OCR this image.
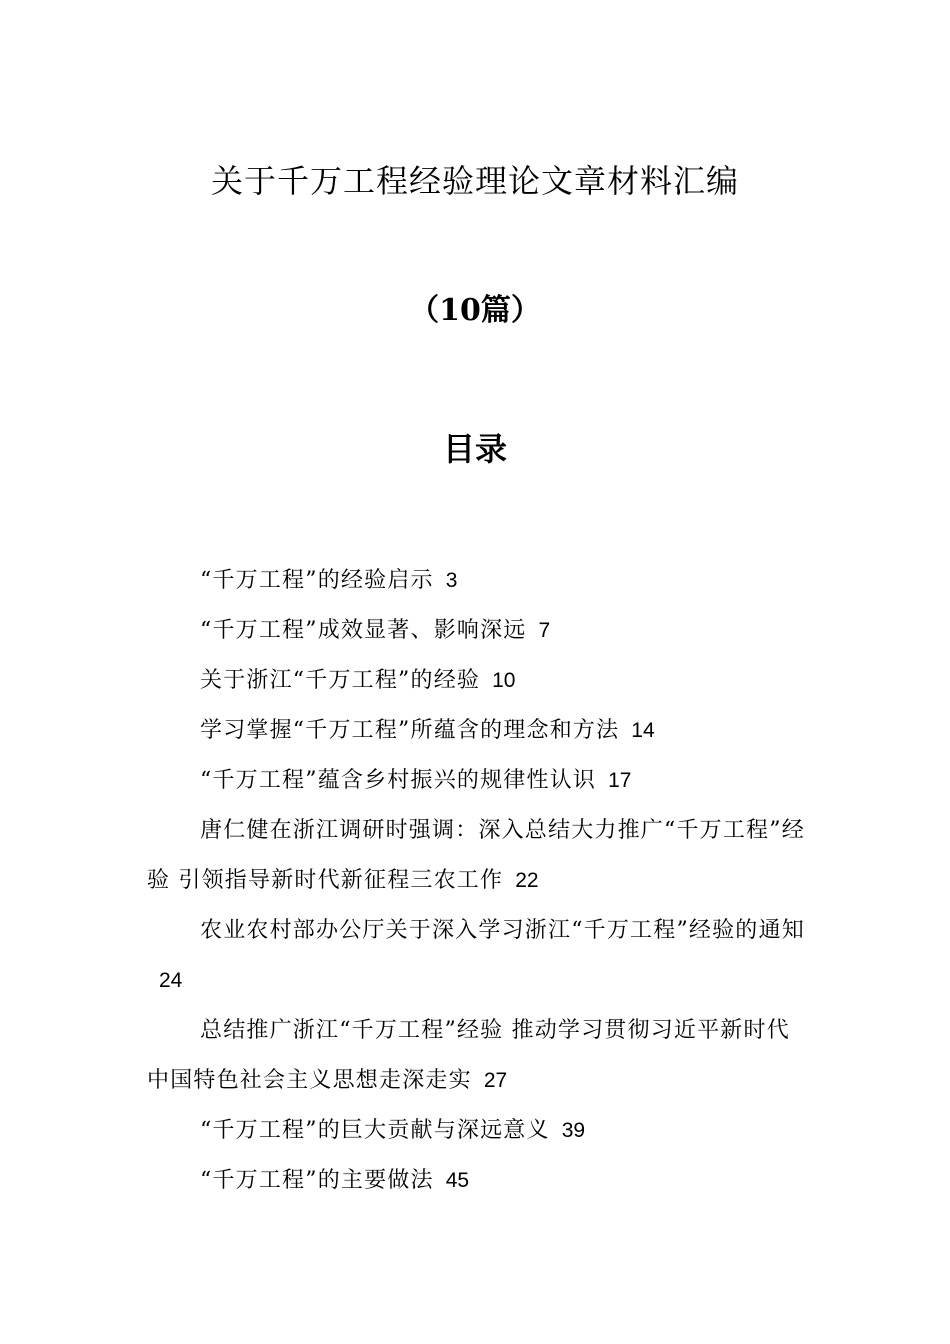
关于千万工程经验理论文章材料汇编
（10篇）
目录
“千万工程”的经验启示 3
“千万工程”成效显著、影响深远 7
关于浙江“千万工程”的经验 10
学习掌握“千万工程”所蕴含的理念和方法 14
“千万工程”蕴含乡村振兴的规律性认识 17
唐仁健在浙江调研时强调：深入总结大力推广“千万工程”经验 引领指导新时代新征程三农工作 22
农业农村部办公厅关于深入学习浙江“千万工程”经验的通知24
总结推广浙江“千万工程”经验 推动学习贯彻习近平新时代中国特色社会主义思想走深走实 27
“千万工程”的巨大贡献与深远意义 39
“千万工程”的主要做法 45
